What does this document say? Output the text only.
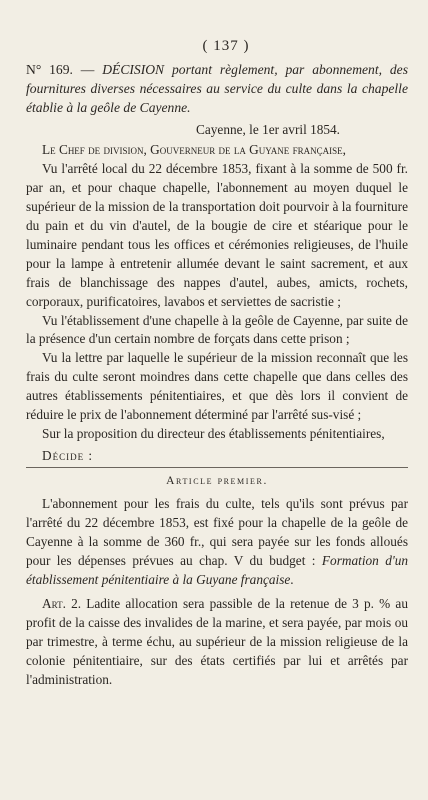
( 137 )

N° 169. — DÉCISION portant règlement, par abonnement, des fournitures diverses nécessaires au service du culte dans la chapelle établie à la geôle de Cayenne.

Cayenne, le 1er avril 1854.

Le Chef de division, Gouverneur de la Guyane française,

Vu l'arrêté local du 22 décembre 1853, fixant à la somme de 500 fr. par an, et pour chaque chapelle, l'abonnement au moyen duquel le supérieur de la mission de la transportation doit pourvoir à la fourniture du pain et du vin d'autel, de la bougie de cire et stéarique pour le luminaire pendant tous les offices et cérémonies religieuses, de l'huile pour la lampe à entretenir allumée devant le saint sacrement, et aux frais de blanchissage des nappes d'autel, aubes, amicts, rochets, corporaux, purificatoires, lavabos et serviettes de sacristie ;

Vu l'établissement d'une chapelle à la geôle de Cayenne, par suite de la présence d'un certain nombre de forçats dans cette prison ;

Vu la lettre par laquelle le supérieur de la mission reconnaît que les frais du culte seront moindres dans cette chapelle que dans celles des autres établissements pénitentiaires, et que dès lors il convient de réduire le prix de l'abonnement déterminé par l'arrêté sus-visé ;

Sur la proposition du directeur des établissements pénitentiaires,

Décide :
Article premier.

L'abonnement pour les frais du culte, tels qu'ils sont prévus par l'arrêté du 22 décembre 1853, est fixé pour la chapelle de la geôle de Cayenne à la somme de 360 fr., qui sera payée sur les fonds alloués pour les dépenses prévues au chap. V du budget : Formation d'un établissement pénitentiaire à la Guyane française.

Art. 2. Ladite allocation sera passible de la retenue de 3 p. % au profit de la caisse des invalides de la marine, et sera payée, par mois ou par trimestre, à terme échu, au supérieur de la mission religieuse de la colonie pénitentiaire, sur des états certifiés par lui et arrêtés par l'administration.
